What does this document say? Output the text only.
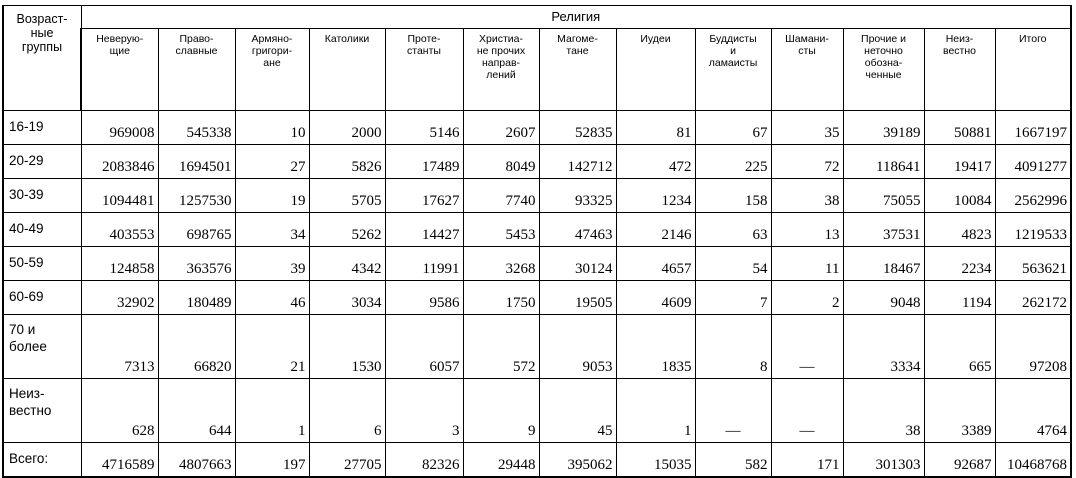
Возраст-
ные
группы	Религия												
	Неверую-
щие	Право-
славные	Армяно-
григори-
ане	Католики	Проте-
станты	Христиа-
не прочих
направ-
лений	Магоме-
тане	Иудеи	Буддисты
и
ламаисты	Шамани-
сты	Прочие и
неточно
обозна-
ченные	Неиз-
вестно	Итого
16-19	969008	545338	10	2000	5146	2607	52835	81	67	35	39189	50881	1667197
20-29	2083846	1694501	27	5826	17489	8049	142712	472	225	72	118641	19417	4091277
30-39	1094481	1257530	19	5705	17627	7740	93325	1234	158	38	75055	10084	2562996
40-49	403553	698765	34	5262	14427	5453	47463	2146	63	13	37531	4823	1219533
50-59	124858	363576	39	4342	11991	3268	30124	4657	54	11	18467	2234	563621
60-69	32902	180489	46	3034	9586	1750	19505	4609	7	2	9048	1194	262172
70 и
более	7313	66820	21	1530	6057	572	9053	1835	8	—	3334	665	97208
Неиз-
вестно	628	644	1	6	3	9	45	1	—	—	38	3389	4764
Всего:	4716589	4807663	197	27705	82326	29448	395062	15035	582	171	301303	92687	10468768
